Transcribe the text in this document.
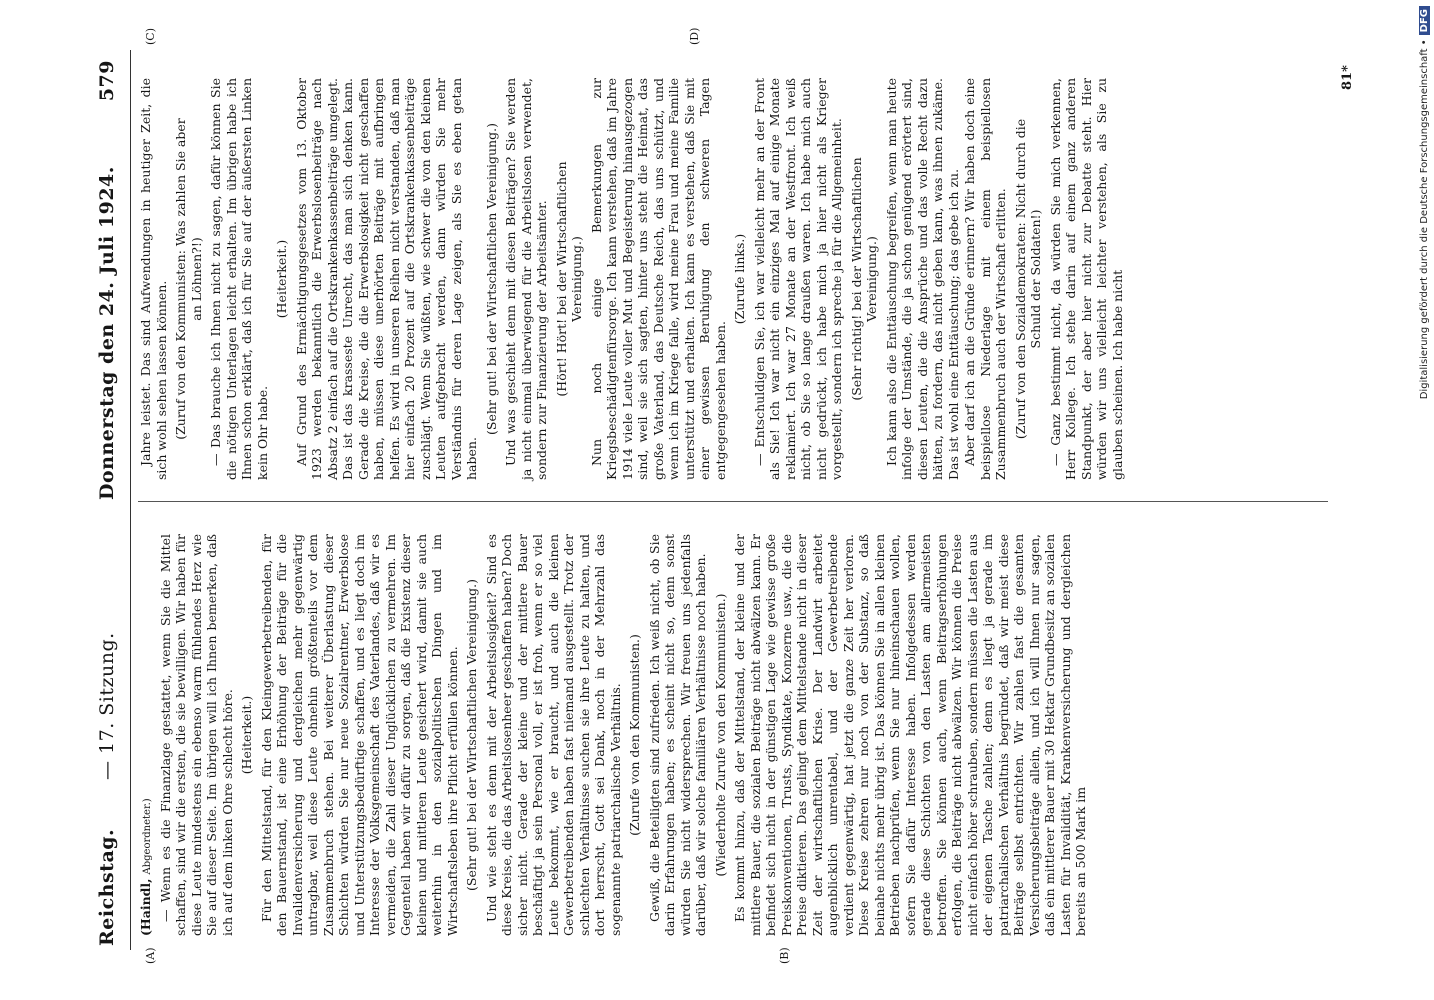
Reichstag.
— 17. Sitzung.
Donnerstag den 24. Juli 1924.
579
(A)	(B)
(C)	(D)
(Haindl, Abgeordneter.) — Wenn es die Finanzlage gestattet, wenn Sie die Mittel schaffen, sind wir die ersten, die sie bewilligen. Wir haben für diese Leute mindestens ein ebenso warm fühlendes Herz wie Sie auf dieser Seite. Im übrigen will ich Ihnen bemerken, daß ich auf dem linken Ohre schlecht höre. (Heiterkeit.) Für den Mittelstand, für den Kleingewerbetreibenden, für den Bauernstand, ist eine Erhöhung der Beiträge für die Invalidenversicherung und dergleichen mehr gegenwärtig untragbar, weil diese Leute ohnehin größtenteils vor dem Zusammenbruch stehen. Bei weiterer Überlastung dieser Schichten würden Sie nur neue Sozialrentner, Erwerbslose und Unterstützungsbedürftige schaffen, und es liegt doch im Interesse der Volksgemeinschaft des Vaterlandes, daß wir es vermeiden, die Zahl dieser Unglücklichen zu vermehren. Im Gegenteil haben wir dafür zu sorgen, daß die Existenz dieser kleinen und mittleren Leute gesichert wird, damit sie auch weiterhin in den sozialpolitischen Dingen und im Wirtschaftsleben ihre Pflicht erfüllen können. (Sehr gut! bei der Wirtschaftlichen Vereinigung.) Und wie steht es denn mit der Arbeitslosigkeit? Sind es diese Kreise, die das Arbeitslosenheer geschaffen haben? Doch sicher nicht. Gerade der kleine und der mittlere Bauer beschäftigt ja sein Personal voll, er ist froh, wenn er so viel Leute bekommt, wie er braucht, und auch die kleinen Gewerbetreibenden haben fast niemand ausgestellt. Trotz der schlechten Verhältnisse suchen sie ihre Leute zu halten, und dort herrscht, Gott sei Dank, noch in der Mehrzahl das sogenannte patriarchalische Verhältnis. (Zurufe von den Kommunisten.) Gewiß, die Beteiligten sind zufrieden. Ich weiß nicht, ob Sie darin Erfahrungen haben; es scheint nicht so, denn sonst würden Sie nicht widersprechen. Wir freuen uns jedenfalls darüber, daß wir solche familiären Verhältnisse noch haben. (Wiederholte Zurufe von den Kommunisten.) Es kommt hinzu, daß der Mittelstand, der kleine und der mittlere Bauer, die sozialen Beiträge nicht abwälzen kann. Er befindet sich nicht in der günstigen Lage wie gewisse große Preiskonventionen, Trusts, Syndikate, Konzerne usw., die die Preise diktieren. Das gelingt dem Mittelstande nicht in dieser Zeit der wirtschaftlichen Krise. Der Landwirt arbeitet augenblicklich unrentabel, und der Gewerbetreibende verdient gegenwärtig, hat jetzt die ganze Zeit her verloren. Diese Kreise zehren nur noch von der Substanz, so daß beinahe nichts mehr übrig ist. Das können Sie in allen kleinen Betrieben nachprüfen, wenn Sie nur hineinschauen wollen, sofern Sie dafür Interesse haben. Infolgedessen werden gerade diese Schichten von den Lasten am allermeisten betroffen. Sie können auch, wenn Beitragserhöhungen erfolgen, die Beiträge nicht abwälzen. Wir können die Preise nicht einfach höher schrauben, sondern müssen die Lasten aus der eigenen Tasche zahlen; denn es liegt ja gerade im patriarchalischen Verhältnis begründet, daß wir meist diese Beiträge selbst entrichten. Wir zahlen fast die gesamten Versicherungsbeiträge allein, und ich will Ihnen nur sagen, daß ein mittlerer Bauer mit 30 Hektar Grundbesitz an sozialen Lasten für Invalidität, Krankenversicherung und dergleichen bereits an 500 Mark im

Jahre leistet. Das sind Aufwendungen in heutiger Zeit, die sich wohl sehen lassen können. (Zuruf von den Kommunisten: Was zahlen Sie aber an Löhnen?!) — Das brauche ich Ihnen nicht zu sagen, dafür können Sie die nötigen Unterlagen leicht erhalten. Im übrigen habe ich Ihnen schon erklärt, daß ich für Sie auf der äußersten Linken kein Ohr habe.

(Heiterkeit.) Auf Grund des Ermächtigungsgesetzes vom 13. Oktober 1923 werden bekanntlich die Erwerbslosenbeiträge nach Absatz 2 einfach auf die Ortskrankenkassenbeiträge umgelegt. Das ist das krasseste Unrecht, das man sich denken kann. Gerade die Kreise, die die Erwerbslosigkeit nicht geschaffen haben, müssen diese unerhörten Beiträge mit aufbringen helfen. Es wird in unseren Reihen nicht verstanden, daß man hier einfach 20 Prozent auf die Ortskrankenkassenbeiträge zuschlägt. Wenn Sie wüßten, wie schwer die von den kleinen Leuten aufgebracht werden, dann würden Sie mehr Verständnis für deren Lage zeigen, als Sie es eben getan haben.

(Sehr gut! bei der Wirtschaftlichen Vereinigung.) Und was geschieht denn mit diesen Beiträgen? Sie werden ja nicht einmal überwiegend für die Arbeitslosen verwendet, sondern zur Finanzierung der Arbeitsämter. (Hört! Hört! bei der Wirtschaftlichen Vereinigung.) Nun noch einige Bemerkungen zur Kriegsbeschädigtenfürsorge. Ich kann verstehen, daß im Jahre 1914 viele Leute voller Mut und Begeisterung hinausgezogen sind, weil sie sich sagten, hinter uns steht die Heimat, das große Vaterland, das Deutsche Reich, das uns schützt, und wenn ich im Kriege falle, wird meine Frau und meine Familie unterstützt und erhalten. Ich kann es verstehen, daß Sie mit einer gewissen Beruhigung den schweren Tagen entgegengesehen haben.

(Zurufe links.) — Entschuldigen Sie, ich war vielleicht mehr an der Front als Sie! Ich war nicht ein einziges Mal auf einige Monate reklamiert. Ich war 27 Monate an der Westfront. Ich weiß nicht, ob Sie so lange draußen waren. Ich habe mich auch nicht gedrückt, ich habe mich ja hier nicht als Krieger vorgestellt, sondern ich spreche ja für die Allgemeinheit. (Sehr richtig! bei der Wirtschaftlichen Vereinigung.) Ich kann also die Enttäuschung begreifen, wenn man heute infolge der Umstände, die ja schon genügend erörtert sind, diesen Leuten, die die Ansprüche und das volle Recht dazu hätten, zu fordern, das nicht geben kann, was ihnen zukäme. Das ist wohl eine Enttäuschung; das gebe ich zu. Aber darf ich an die Gründe erinnern? Wir haben doch eine beispiellose Niederlage mit einem beispiellosen Zusammenbruch auch der Wirtschaft erlitten. (Zuruf von den Sozialdemokraten: Nicht durch die Schuld der Soldaten!) — Ganz bestimmt nicht, da würden Sie mich verkennen, Herr Kollege. Ich stehe darin auf einem ganz anderen Standpunkt, der aber hier nicht zur Debatte steht. Hier würden wir uns vielleicht leichter verstehen, als Sie zu glauben scheinen. Ich habe nicht

81*	Digitalisierung gefördert durch die Deutsche Forschungsgemeinschaft •DFG
